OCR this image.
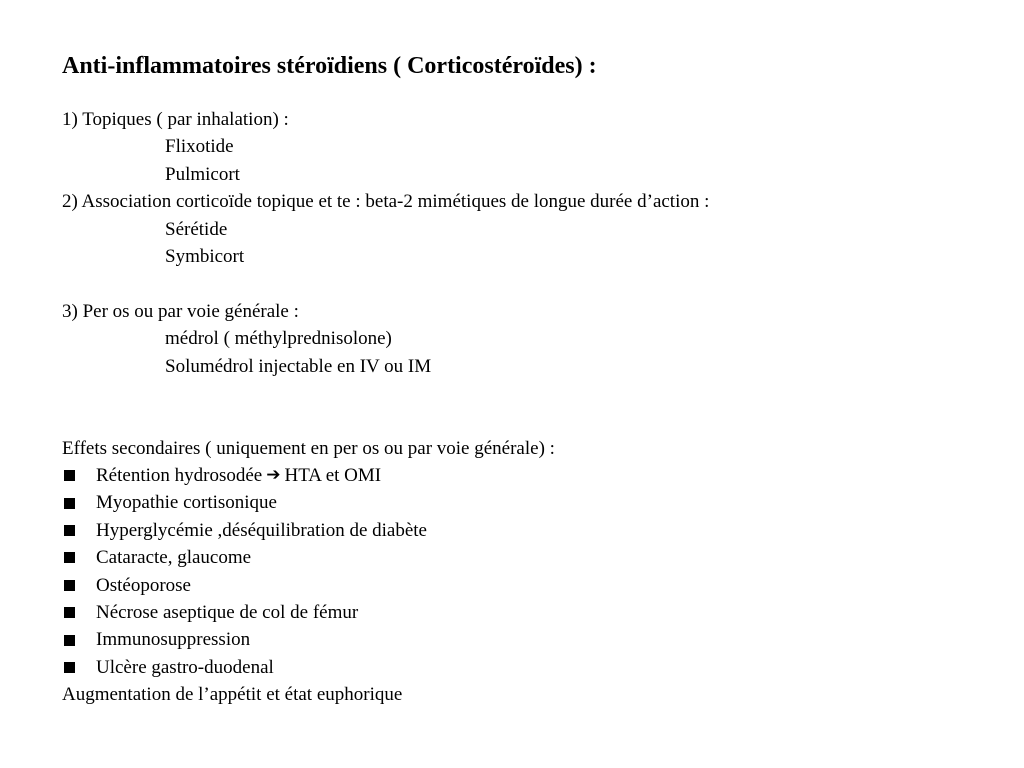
Anti-inflammatoires stéroïdiens ( Corticostéroïdes) :
1) Topiques ( par inhalation) :
Flixotide
Pulmicort
2) Association corticoïde topique et te : beta-2 mimétiques de longue durée d’action :
Sérétide
Symbicort
3) Per os ou par voie générale :
médrol ( méthylprednisolone)
Solumédrol injectable en IV ou IM
Effets secondaires ( uniquement en per os ou par voie générale) :
Rétention hydrosodée ➔ HTA et OMI
Myopathie cortisonique
Hyperglycémie ,déséquilibration de diabète
Cataracte, glaucome
Ostéoporose
Nécrose aseptique de col de fémur
Immunosuppression
Ulcère gastro-duodenal
Augmentation de l’appétit et état euphorique
